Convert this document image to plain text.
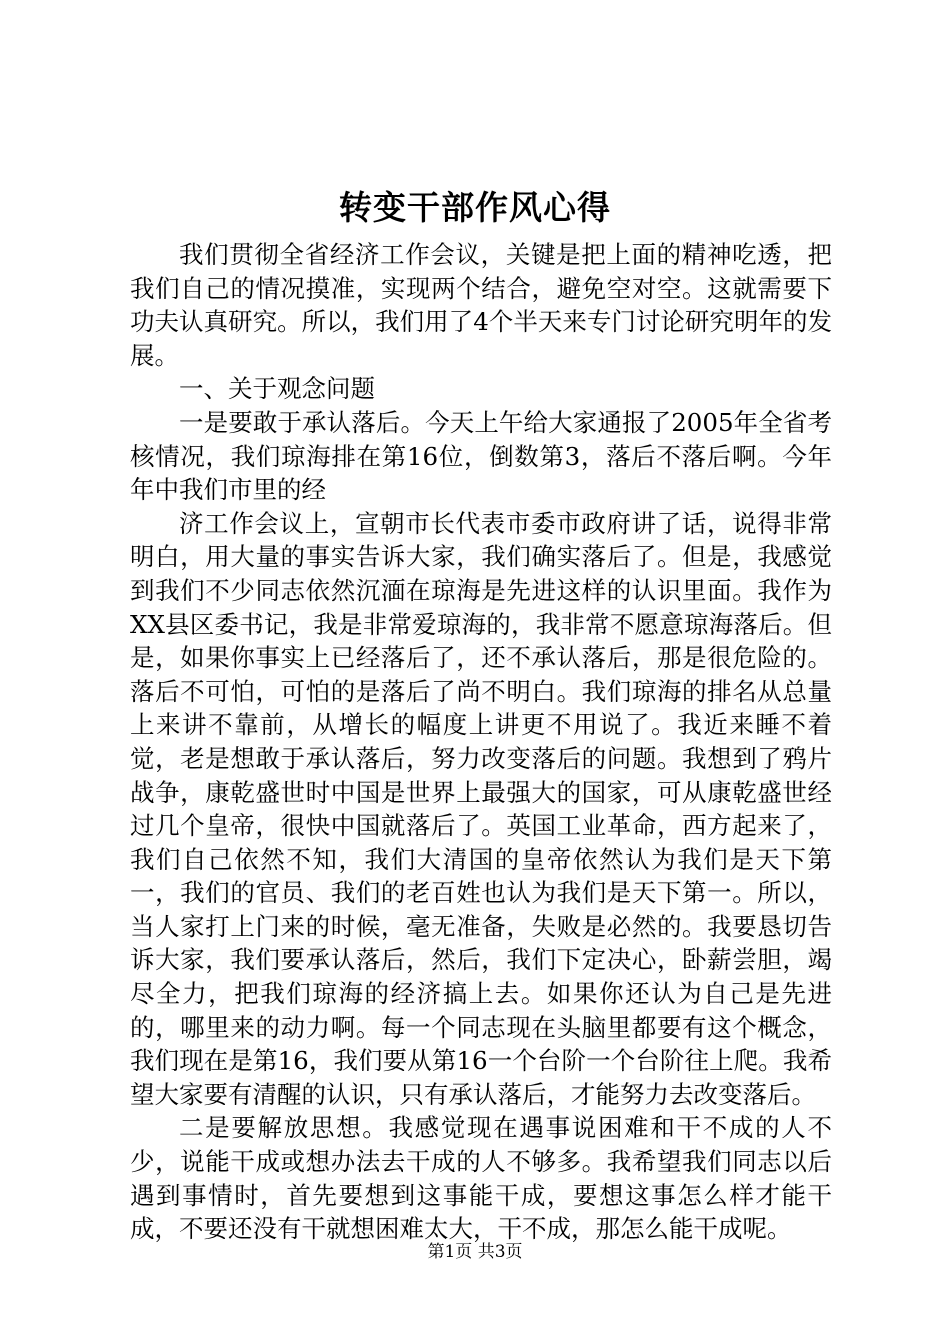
转变干部作风心得

我们贯彻全省经济工作会议，关键是把上面的精神吃透，把我们自己的情况摸准，实现两个结合，避免空对空。这就需要下功夫认真研究。所以，我们用了4个半天来专门讨论研究明年的发展。

一、关于观念问题

一是要敢于承认落后。今天上午给大家通报了2005年全省考核情况，我们琼海排在第16位，倒数第3，落后不落后啊。今年年中我们市里的经

济工作会议上，宣朝市长代表市委市政府讲了话，说得非常明白，用大量的事实告诉大家，我们确实落后了。但是，我感觉到我们不少同志依然沉湎在琼海是先进这样的认识里面。我作为XX县区委书记，我是非常爱琼海的，我非常不愿意琼海落后。但是，如果你事实上已经落后了，还不承认落后，那是很危险的。落后不可怕，可怕的是落后了尚不明白。我们琼海的排名从总量上来讲不靠前，从增长的幅度上讲更不用说了。我近来睡不着觉，老是想敢于承认落后，努力改变落后的问题。我想到了鸦片战争，康乾盛世时中国是世界上最强大的国家，可从康乾盛世经过几个皇帝，很快中国就落后了。英国工业革命，西方起来了，我们自己依然不知，我们大清国的皇帝依然认为我们是天下第一，我们的官员、我们的老百姓也认为我们是天下第一。所以，当人家打上门来的时候，毫无准备，失败是必然的。我要恳切告诉大家，我们要承认落后，然后，我们下定决心，卧薪尝胆，竭尽全力，把我们琼海的经济搞上去。如果你还认为自己是先进的，哪里来的动力啊。每一个同志现在头脑里都要有这个概念，我们现在是第16，我们要从第16一个台阶一个台阶往上爬。我希望大家要有清醒的认识，只有承认落后，才能努力去改变落后。

二是要解放思想。我感觉现在遇事说困难和干不成的人不少，说能干成或想办法去干成的人不够多。我希望我们同志以后遇到事情时，首先要想到这事能干成，要想这事怎么样才能干成，不要还没有干就想困难太大，干不成，那怎么能干成呢。

第1页 共3页
